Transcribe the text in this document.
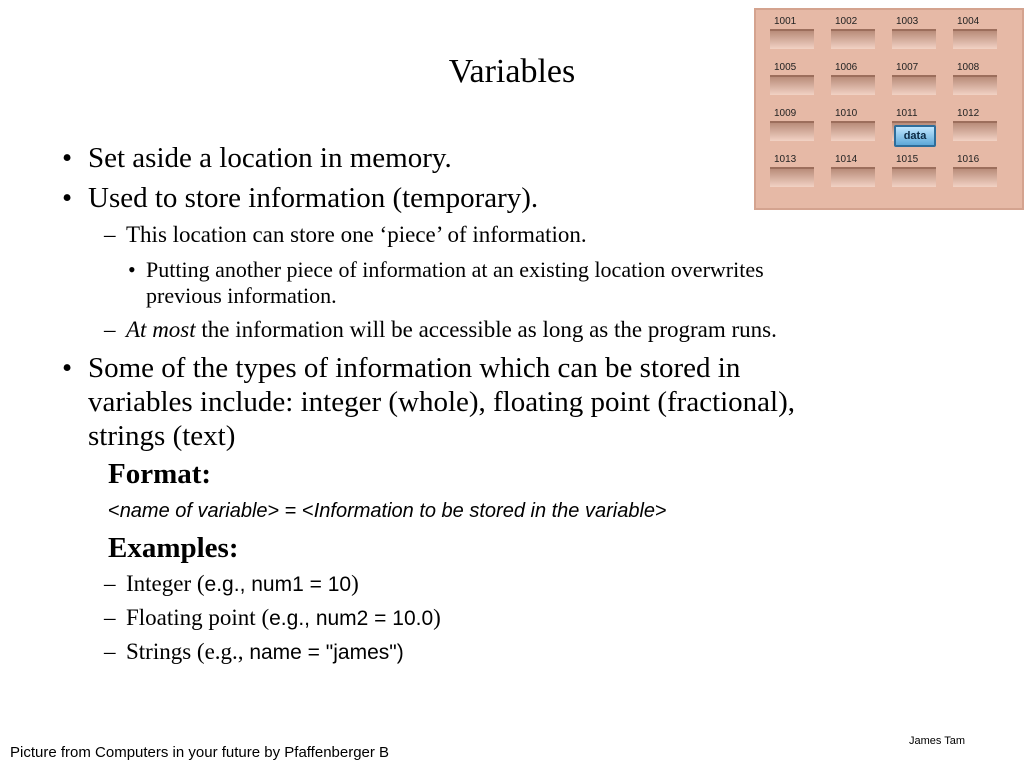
Variables
1001	1002	1003	1004
1005	1006	1007	1008
1009	1010	1011	1012
1013	1014	1015	1016
data
• Set aside a location in memory.
• Used to store information (temporary).
– This location can store one ‘piece’ of information.
• Putting another piece of information at an existing location overwrites
previous information.
– At most the information will be accessible as long as the program runs.
• Some of the types of information which can be stored in
variables include: integer (whole), floating point (fractional),
strings (text)
Format:
<name of variable> = <Information to be stored in the variable>
Examples:
– Integer (e.g., num1 = 10)
– Floating point (e.g., num2 = 10.0)
– Strings (e.g., name = "james")
Picture from Computers in your future by Pfaffenberger B
James Tam
